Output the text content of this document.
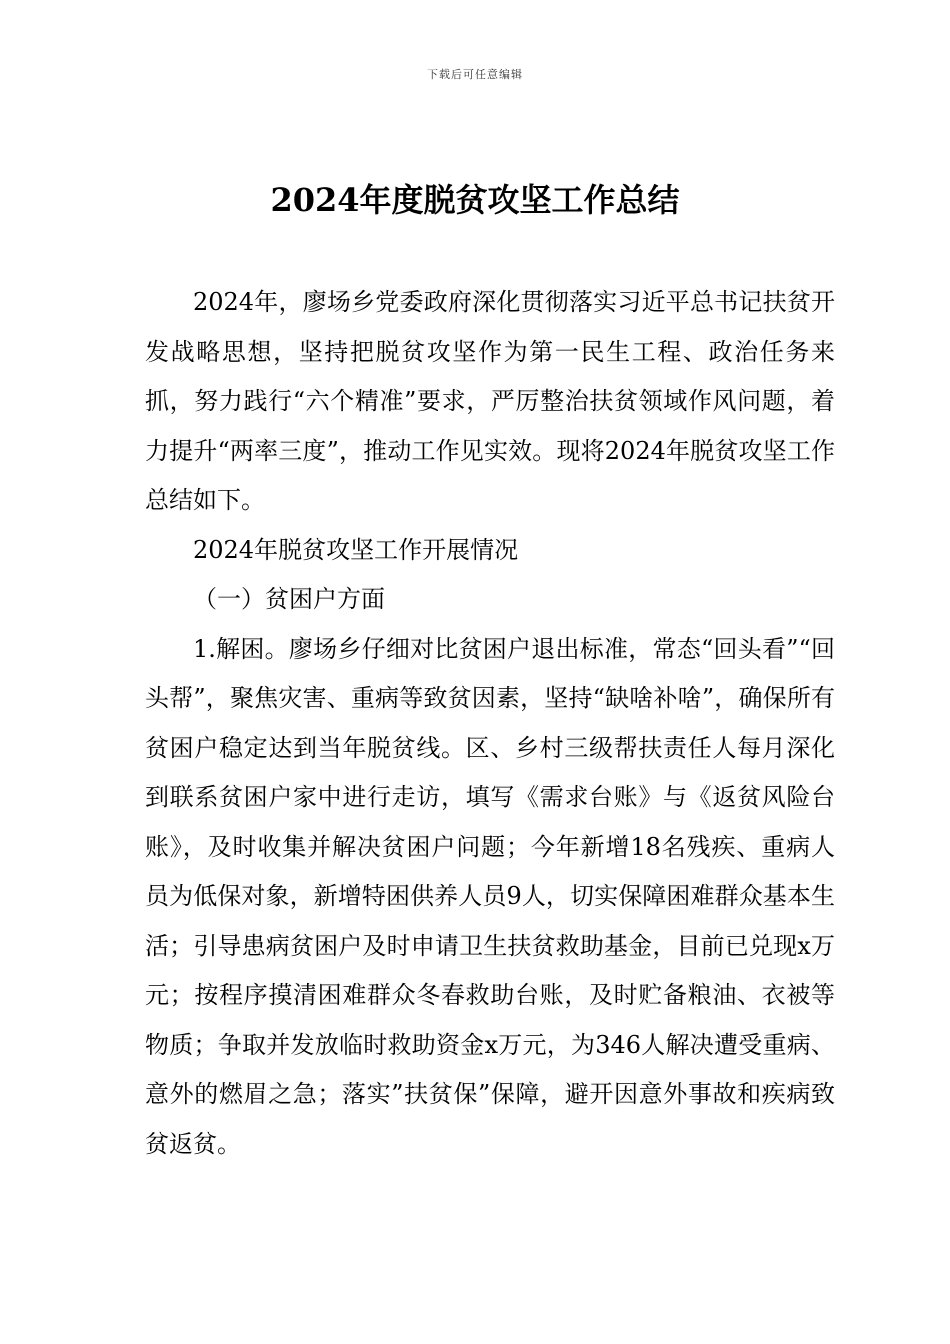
下载后可任意编辑
2024年度脱贫攻坚工作总结

2024年，廖场乡党委政府深化贯彻落实习近平总书记扶贫开发战略思想，坚持把脱贫攻坚作为第一民生工程、政治任务来抓，努力践行“六个精准”要求，严厉整治扶贫领域作风问题，着力提升“两率三度”，推动工作见实效。现将2024年脱贫攻坚工作总结如下。

2024年脱贫攻坚工作开展情况

（一）贫困户方面

1.解困。廖场乡仔细对比贫困户退出标准，常态“回头看”“回头帮”，聚焦灾害、重病等致贫因素，坚持“缺啥补啥”，确保所有贫困户稳定达到当年脱贫线。区、乡村三级帮扶责任人每月深化到联系贫困户家中进行走访，填写《需求台账》与《返贫风险台账》，及时收集并解决贫困户问题；今年新增18名残疾、重病人员为低保对象，新增特困供养人员9人，切实保障困难群众基本生活；引导患病贫困户及时申请卫生扶贫救助基金，目前已兑现x万元；按程序摸清困难群众冬春救助台账，及时贮备粮油、衣被等物质；争取并发放临时救助资金x万元，为346人解决遭受重病、意外的燃眉之急；落实”扶贫保”保障，避开因意外事故和疾病致贫返贫。
